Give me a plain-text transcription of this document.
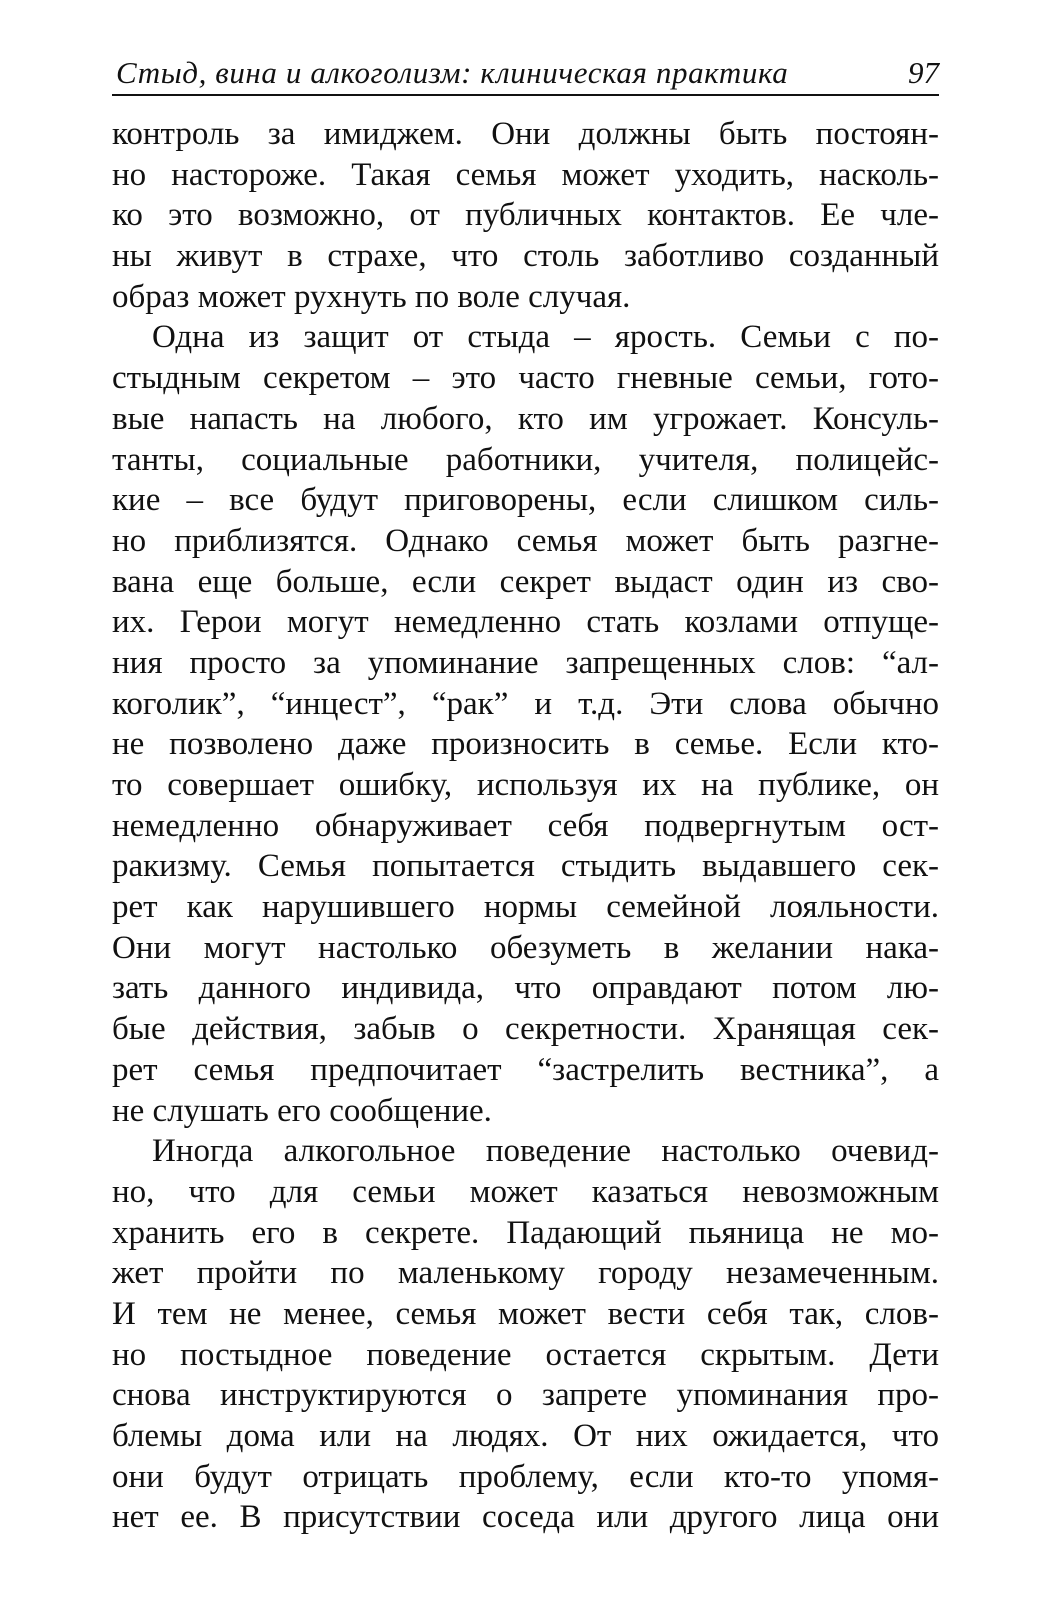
Стыд, вина и алкоголизм: клиническая практика	97
контроль за имиджем. Они должны быть постоян-
но настороже. Такая семья может уходить, насколь-
ко это возможно, от публичных контактов. Ее чле-
ны живут в страхе, что столь заботливо созданный
образ может рухнуть по воле случая.
Одна из защит от стыда – ярость. Семьи с по-
стыдным секретом – это часто гневные семьи, гото-
вые напасть на любого, кто им угрожает. Консуль-
танты, социальные работники, учителя, полицейс-
кие – все будут приговорены, если слишком силь-
но приблизятся. Однако семья может быть разгне-
вана еще больше, если секрет выдаст один из сво-
их. Герои могут немедленно стать козлами отпуще-
ния просто за упоминание запрещенных слов: “ал-
коголик”, “инцест”, “рак” и т.д. Эти слова обычно
не позволено даже произносить в семье. Если кто-
то совершает ошибку, используя их на публике, он
немедленно обнаруживает себя подвергнутым ост-
ракизму. Семья попытается стыдить выдавшего сек-
рет как нарушившего нормы семейной лояльности.
Они могут настолько обезуметь в желании нака-
зать данного индивида, что оправдают потом лю-
бые действия, забыв о секретности. Хранящая сек-
рет семья предпочитает “застрелить вестника”, а
не слушать его сообщение.
Иногда алкогольное поведение настолько очевид-
но, что для семьи может казаться невозможным
хранить его в секрете. Падающий пьяница не мо-
жет пройти по маленькому городу незамеченным.
И тем не менее, семья может вести себя так, слов-
но постыдное поведение остается скрытым. Дети
снова инструктируются о запрете упоминания про-
блемы дома или на людях. От них ожидается, что
они будут отрицать проблему, если кто-то упомя-
нет ее. В присутствии соседа или другого лица они
